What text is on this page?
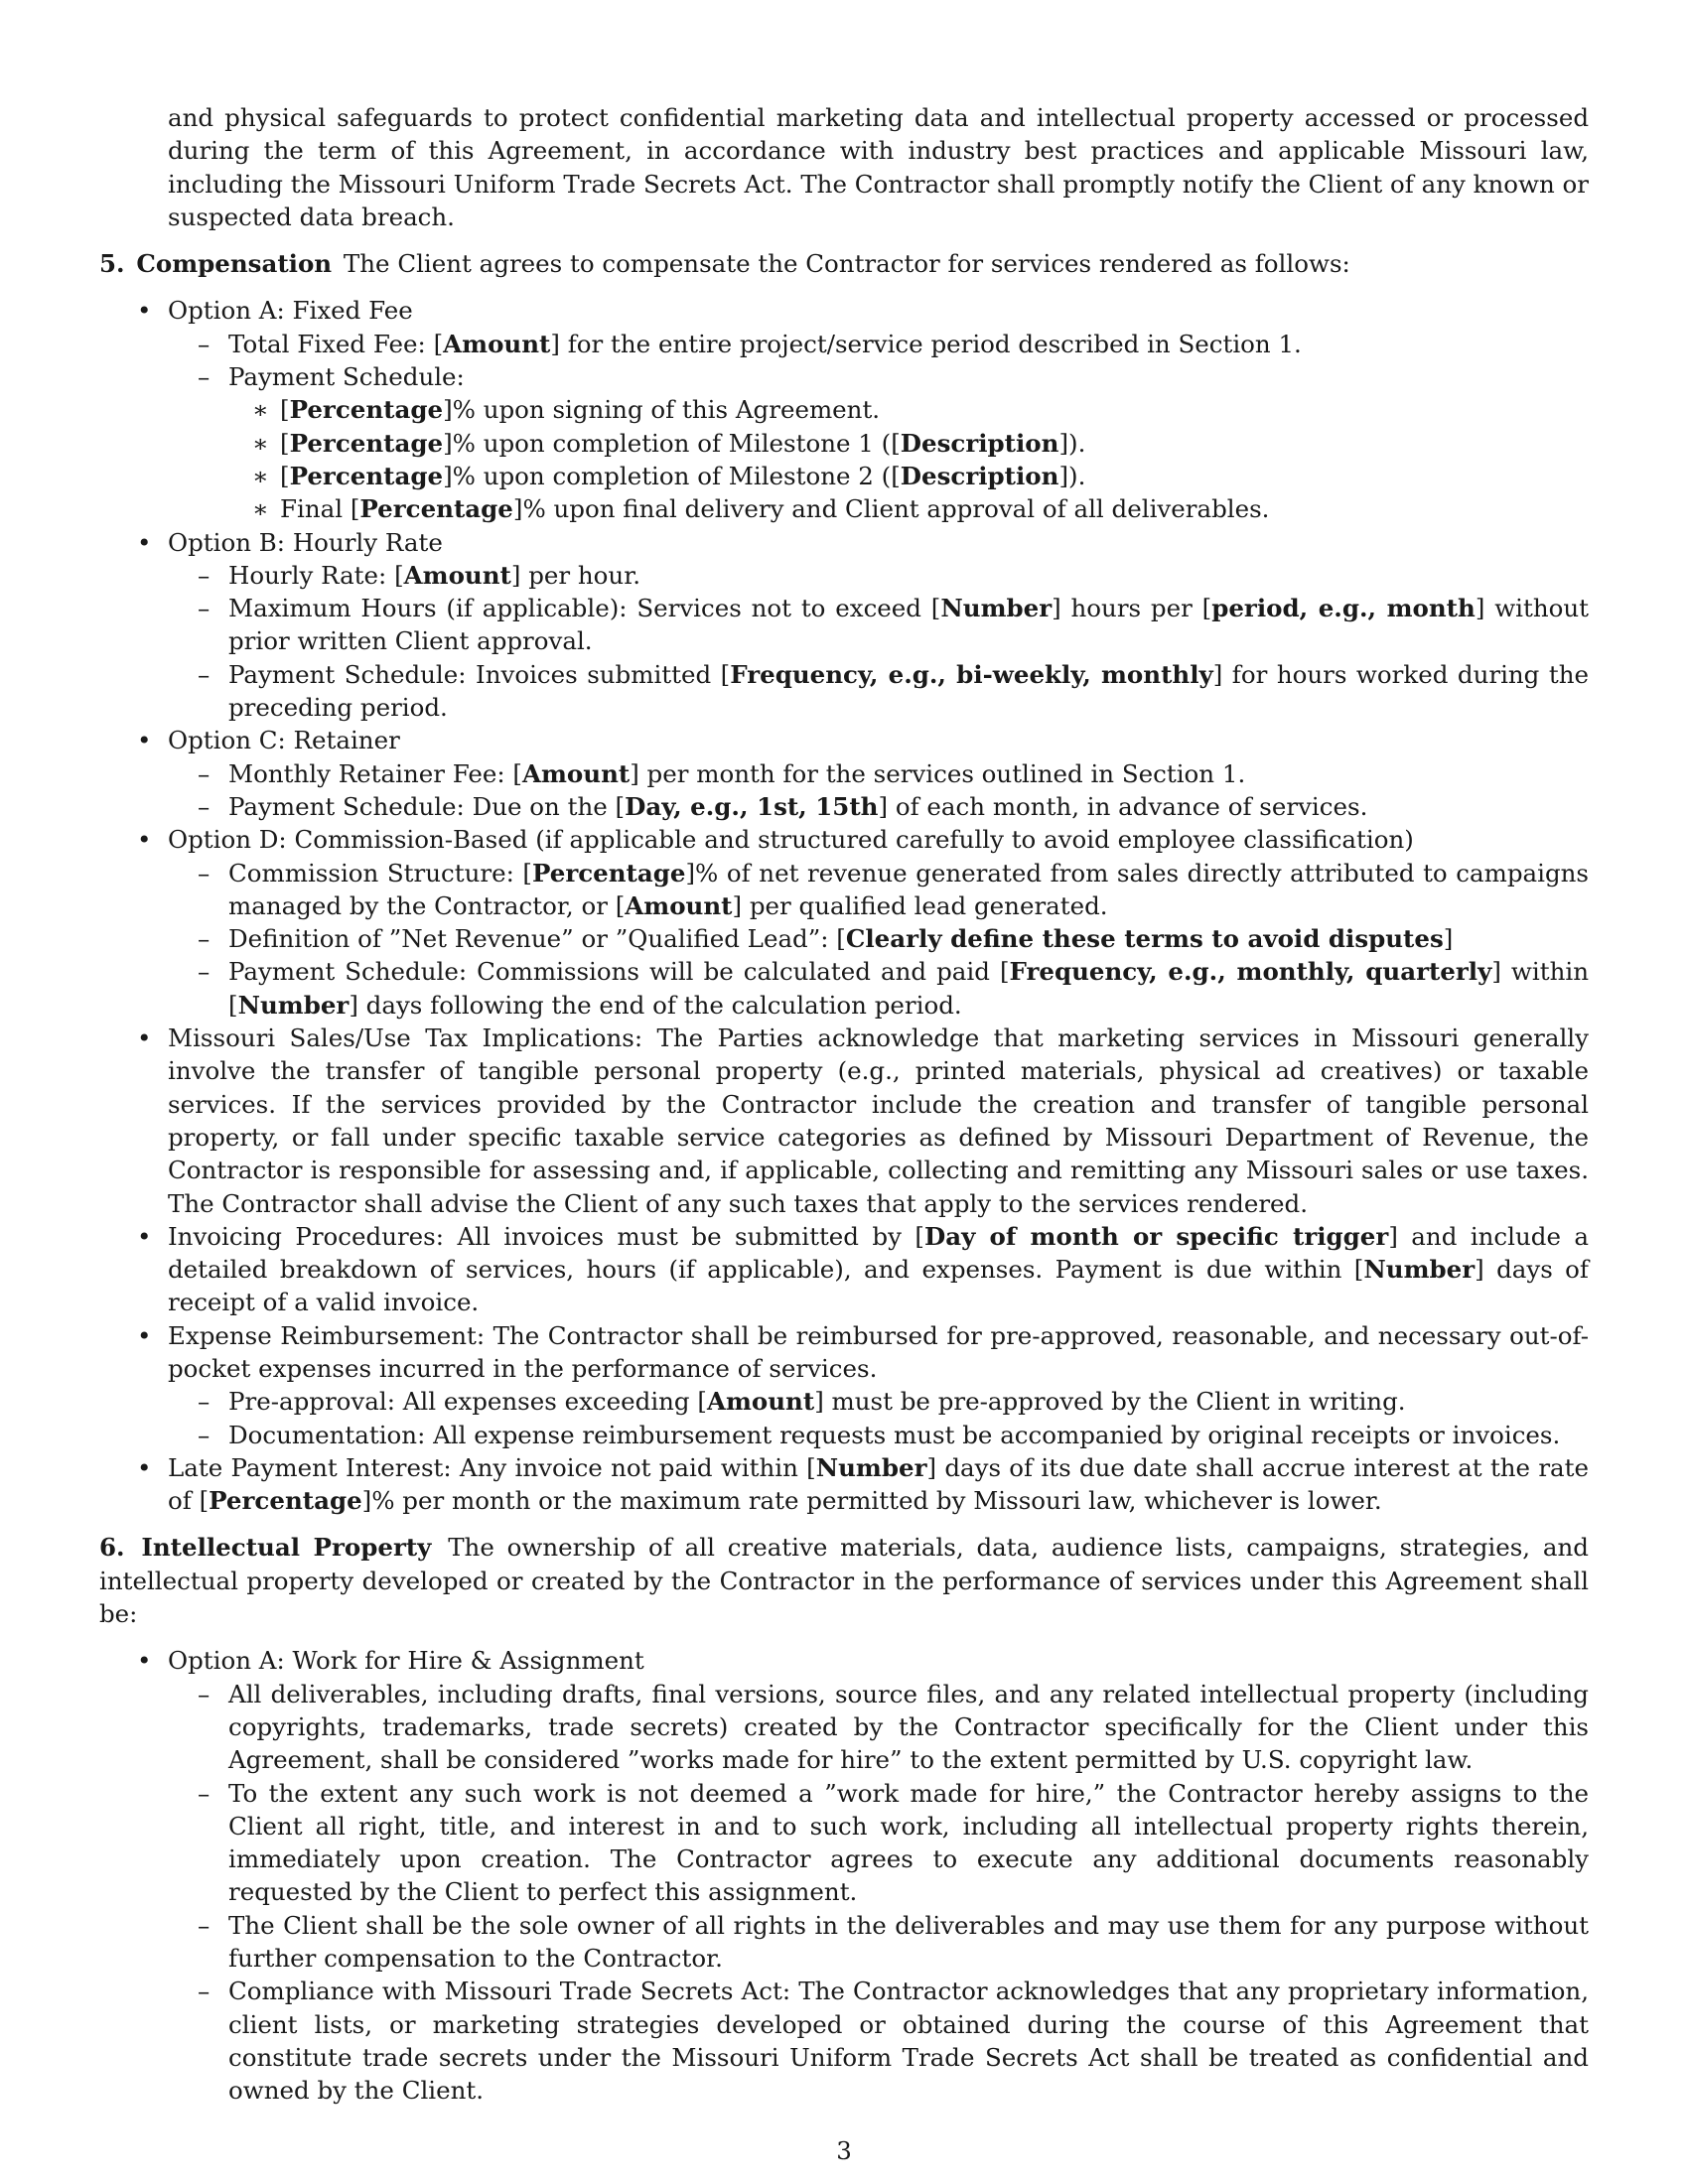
and physical safeguards to protect confidential marketing data and intellectual property accessed or processed during the term of this Agreement, in accordance with industry best practices and applicable Missouri law, including the Missouri Uniform Trade Secrets Act. The Contractor shall promptly notify the Client of any known or suspected data breach.

5. Compensation The Client agrees to compensate the Contractor for services rendered as follows:

• Option A: Fixed Fee
– Total Fixed Fee: [Amount] for the entire project/service period described in Section 1.
– Payment Schedule:
∗ [Percentage]% upon signing of this Agreement.
∗ [Percentage]% upon completion of Milestone 1 ([Description]).
∗ [Percentage]% upon completion of Milestone 2 ([Description]).
∗ Final [Percentage]% upon final delivery and Client approval of all deliverables.
• Option B: Hourly Rate
– Hourly Rate: [Amount] per hour.
– Maximum Hours (if applicable): Services not to exceed [Number] hours per [period, e.g., month] without prior written Client approval.
– Payment Schedule: Invoices submitted [Frequency, e.g., bi-weekly, monthly] for hours worked during the preceding period.
• Option C: Retainer
– Monthly Retainer Fee: [Amount] per month for the services outlined in Section 1.
– Payment Schedule: Due on the [Day, e.g., 1st, 15th] of each month, in advance of services.
• Option D: Commission-Based (if applicable and structured carefully to avoid employee classification)
– Commission Structure: [Percentage]% of net revenue generated from sales directly attributed to campaigns managed by the Contractor, or [Amount] per qualified lead generated.
– Definition of ”Net Revenue” or ”Qualified Lead”: [Clearly define these terms to avoid disputes]
– Payment Schedule: Commissions will be calculated and paid [Frequency, e.g., monthly, quarterly] within [Number] days following the end of the calculation period.
• Missouri Sales/Use Tax Implications: The Parties acknowledge that marketing services in Missouri generally involve the transfer of tangible personal property (e.g., printed materials, physical ad creatives) or taxable services. If the services provided by the Contractor include the creation and transfer of tangible personal property, or fall under specific taxable service categories as defined by Missouri Department of Revenue, the Contractor is responsible for assessing and, if applicable, collecting and remitting any Missouri sales or use taxes. The Contractor shall advise the Client of any such taxes that apply to the services rendered.
• Invoicing Procedures: All invoices must be submitted by [Day of month or specific trigger] and include a detailed breakdown of services, hours (if applicable), and expenses. Payment is due within [Number] days of receipt of a valid invoice.
• Expense Reimbursement: The Contractor shall be reimbursed for pre-approved, reasonable, and necessary out-of-pocket expenses incurred in the performance of services.
– Pre-approval: All expenses exceeding [Amount] must be pre-approved by the Client in writing.
– Documentation: All expense reimbursement requests must be accompanied by original receipts or invoices.
• Late Payment Interest: Any invoice not paid within [Number] days of its due date shall accrue interest at the rate of [Percentage]% per month or the maximum rate permitted by Missouri law, whichever is lower.

6. Intellectual Property The ownership of all creative materials, data, audience lists, campaigns, strategies, and intellectual property developed or created by the Contractor in the performance of services under this Agreement shall be:

• Option A: Work for Hire & Assignment
– All deliverables, including drafts, final versions, source files, and any related intellectual property (including copyrights, trademarks, trade secrets) created by the Contractor specifically for the Client under this Agreement, shall be considered ”works made for hire” to the extent permitted by U.S. copyright law.
– To the extent any such work is not deemed a ”work made for hire,” the Contractor hereby assigns to the Client all right, title, and interest in and to such work, including all intellectual property rights therein, immediately upon creation. The Contractor agrees to execute any additional documents reasonably requested by the Client to perfect this assignment.
– The Client shall be the sole owner of all rights in the deliverables and may use them for any purpose without further compensation to the Contractor.
– Compliance with Missouri Trade Secrets Act: The Contractor acknowledges that any proprietary information, client lists, or marketing strategies developed or obtained during the course of this Agreement that constitute trade secrets under the Missouri Uniform Trade Secrets Act shall be treated as confidential and owned by the Client.
3
